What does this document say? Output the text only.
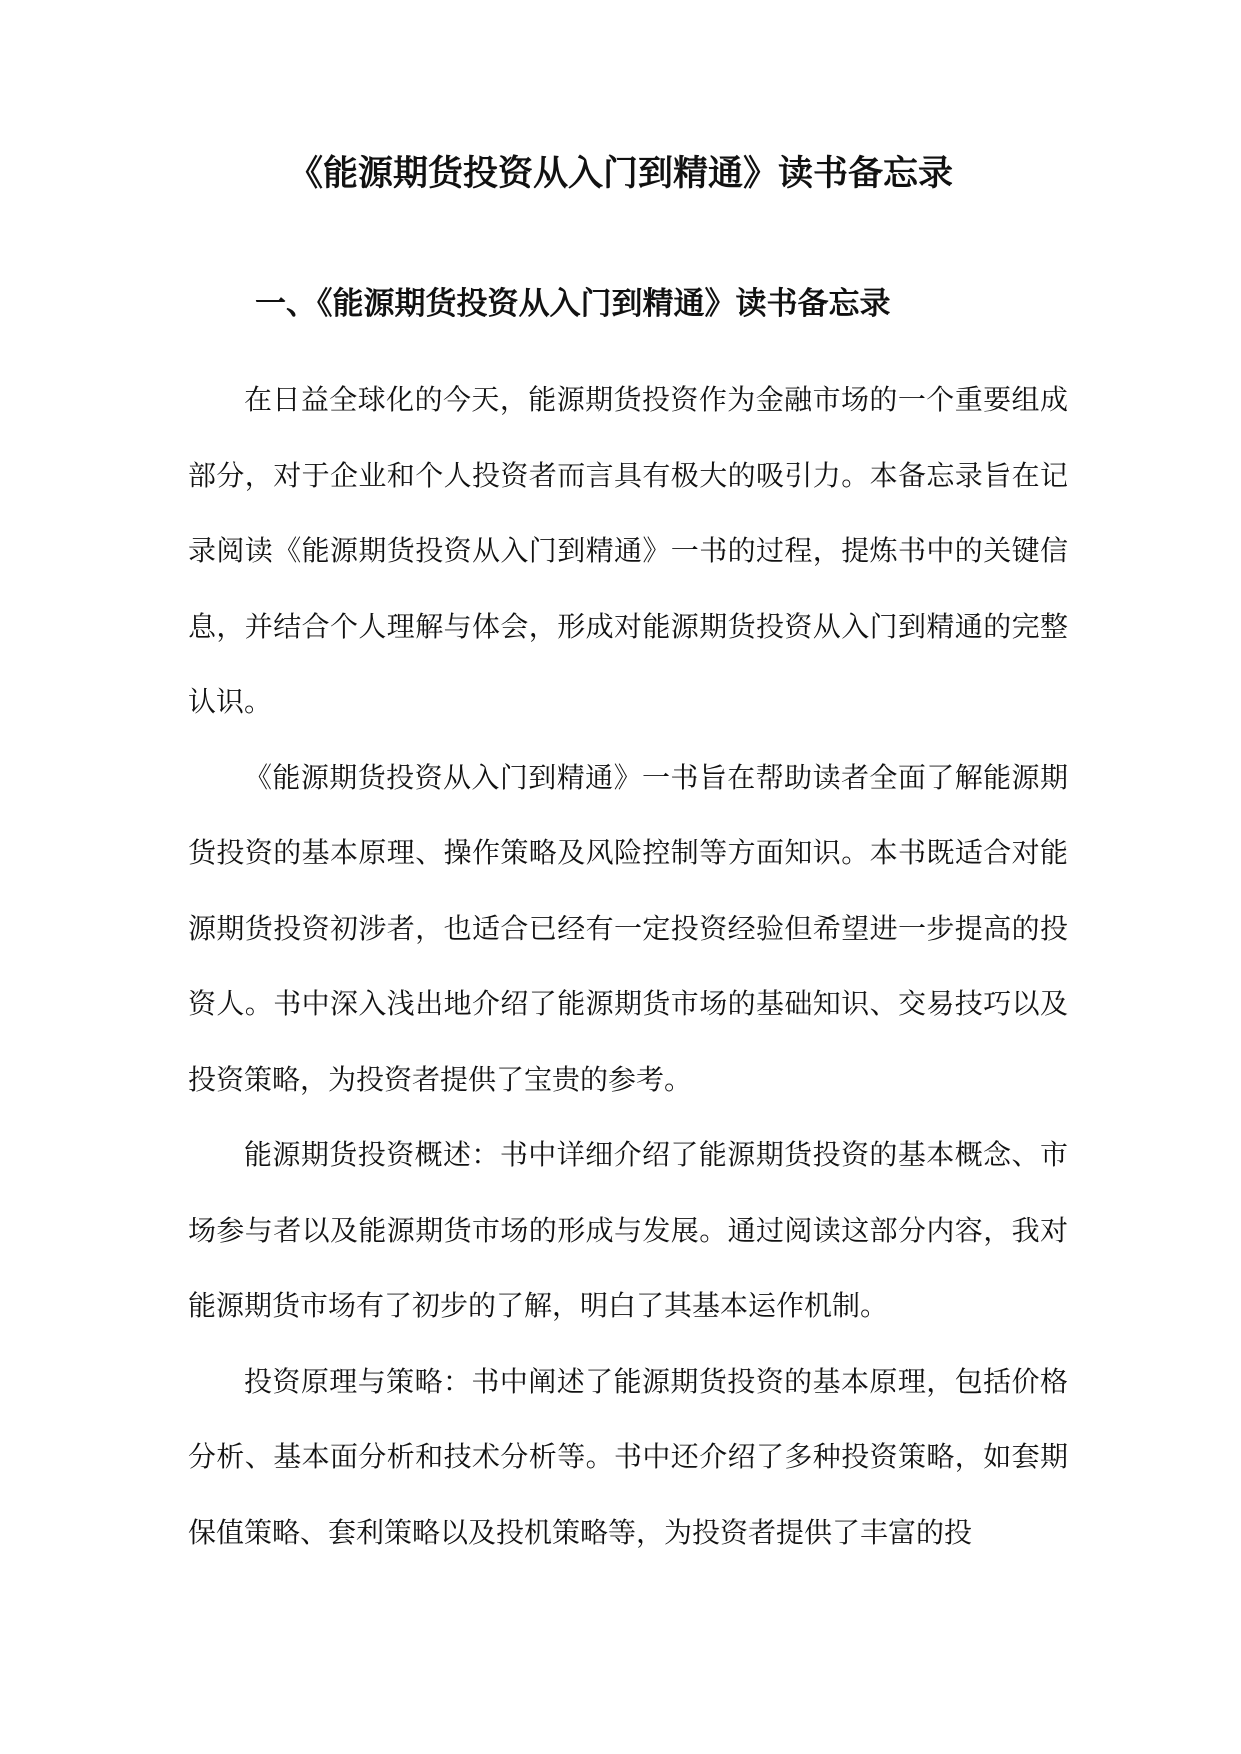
《能源期货投资从入门到精通》读书备忘录
一、《能源期货投资从入门到精通》读书备忘录

在日益全球化的今天，能源期货投资作为金融市场的一个重要组成部分，对于企业和个人投资者而言具有极大的吸引力。本备忘录旨在记录阅读《能源期货投资从入门到精通》一书的过程，提炼书中的关键信息，并结合个人理解与体会，形成对能源期货投资从入门到精通的完整认识。

《能源期货投资从入门到精通》一书旨在帮助读者全面了解能源期货投资的基本原理、操作策略及风险控制等方面知识。本书既适合对能源期货投资初涉者，也适合已经有一定投资经验但希望进一步提高的投资人。书中深入浅出地介绍了能源期货市场的基础知识、交易技巧以及投资策略，为投资者提供了宝贵的参考。

能源期货投资概述：书中详细介绍了能源期货投资的基本概念、市场参与者以及能源期货市场的形成与发展。通过阅读这部分内容，我对能源期货市场有了初步的了解，明白了其基本运作机制。

投资原理与策略：书中阐述了能源期货投资的基本原理，包括价格分析、基本面分析和技术分析等。书中还介绍了多种投资策略，如套期保值策略、套利策略以及投机策略等，为投资者提供了丰富的投
